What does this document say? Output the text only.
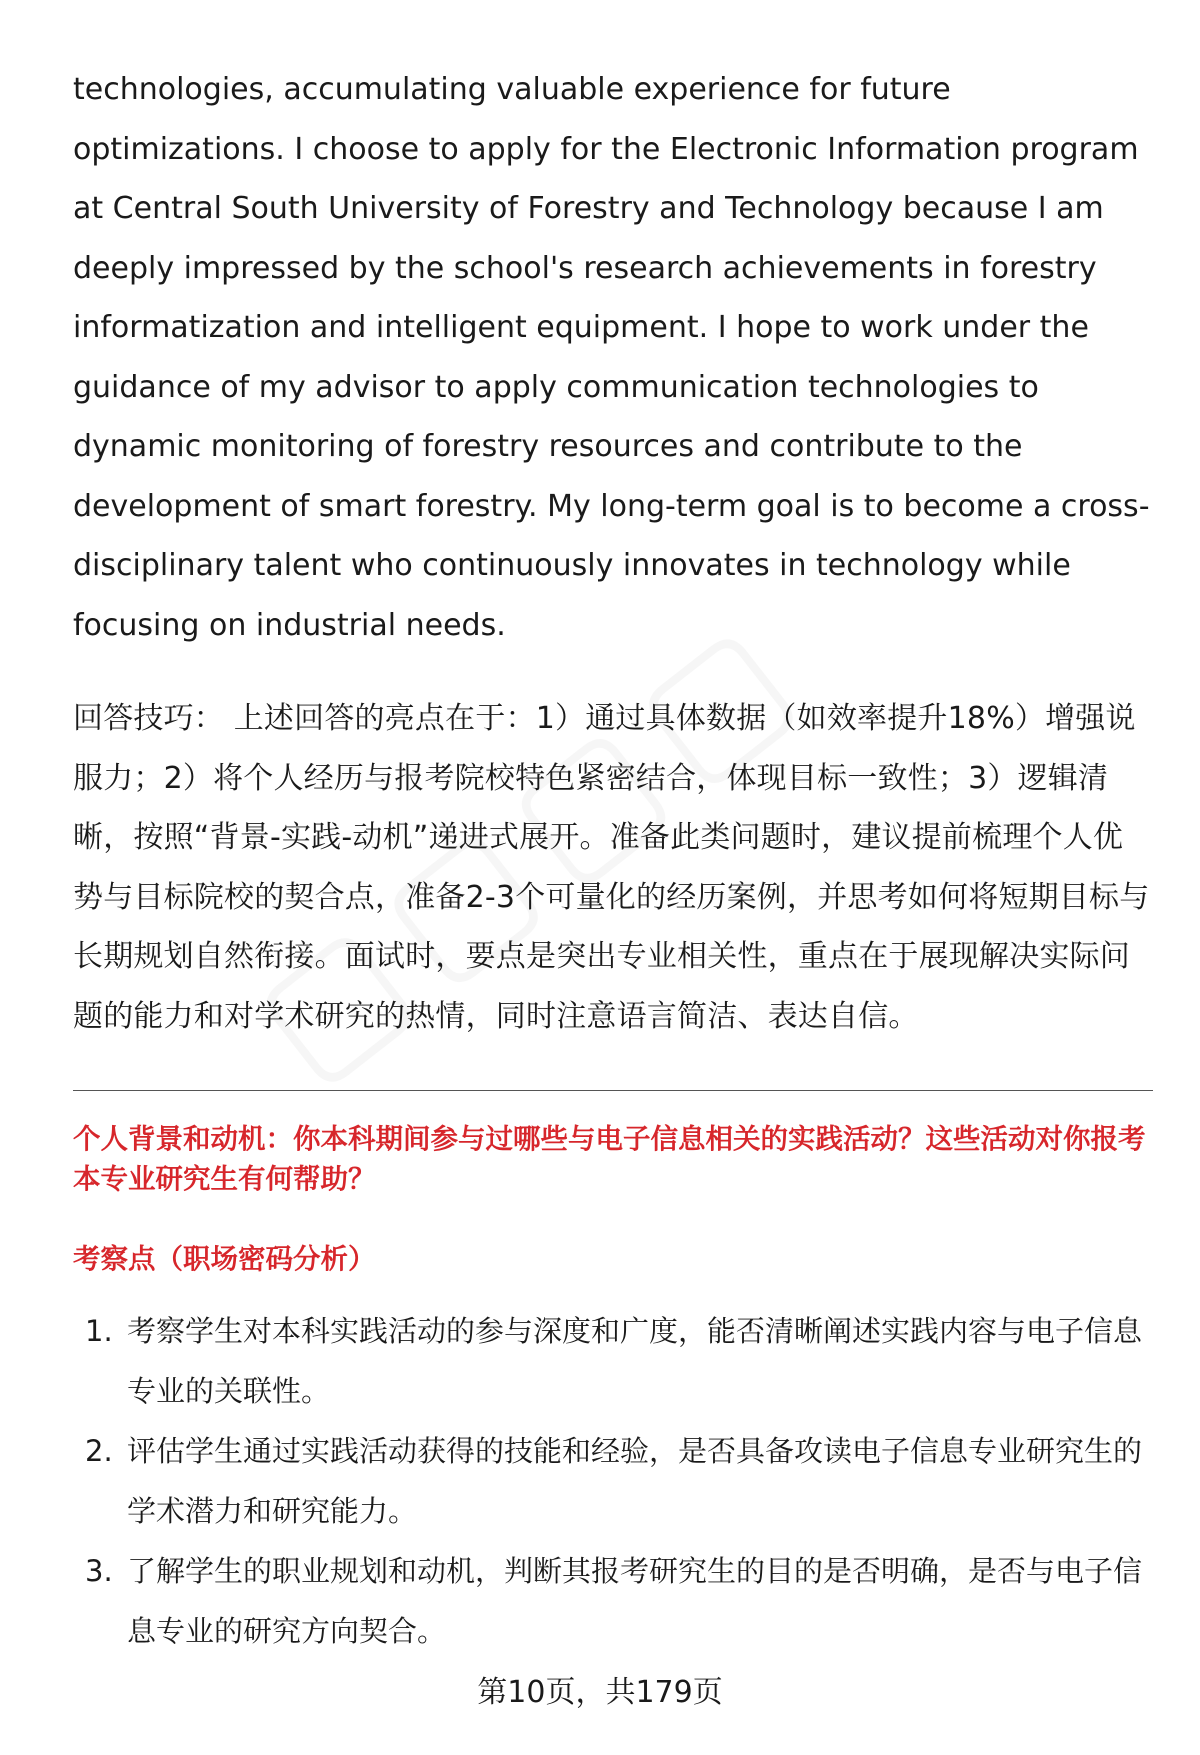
technologies, accumulating valuable experience for future optimizations. I choose to apply for the Electronic Information program at Central South University of Forestry and Technology because I am deeply impressed by the school's research achievements in forestry informatization and intelligent equipment. I hope to work under the guidance of my advisor to apply communication technologies to dynamic monitoring of forestry resources and contribute to the development of smart forestry. My long-term goal is to become a cross-disciplinary talent who continuously innovates in technology while focusing on industrial needs.

回答技巧： 上述回答的亮点在于：1）通过具体数据（如效率提升18%）增强说服力；2）将个人经历与报考院校特色紧密结合，体现目标一致性；3）逻辑清晰，按照“背景-实践-动机”递进式展开。准备此类问题时，建议提前梳理个人优势与目标院校的契合点，准备2-3个可量化的经历案例，并思考如何将短期目标与长期规划自然衔接。面试时，要点是突出专业相关性，重点在于展现解决实际问题的能力和对学术研究的热情，同时注意语言简洁、表达自信。

个人背景和动机：你本科期间参与过哪些与电子信息相关的实践活动？这些活动对你报考本专业研究生有何帮助？
考察点（职场密码分析）
1. 考察学生对本科实践活动的参与深度和广度，能否清晰阐述实践内容与电子信息专业的关联性。
2. 评估学生通过实践活动获得的技能和经验，是否具备攻读电子信息专业研究生的学术潜力和研究能力。
3. 了解学生的职业规划和动机，判断其报考研究生的目的是否明确，是否与电子信息专业的研究方向契合。
第10页，共179页
